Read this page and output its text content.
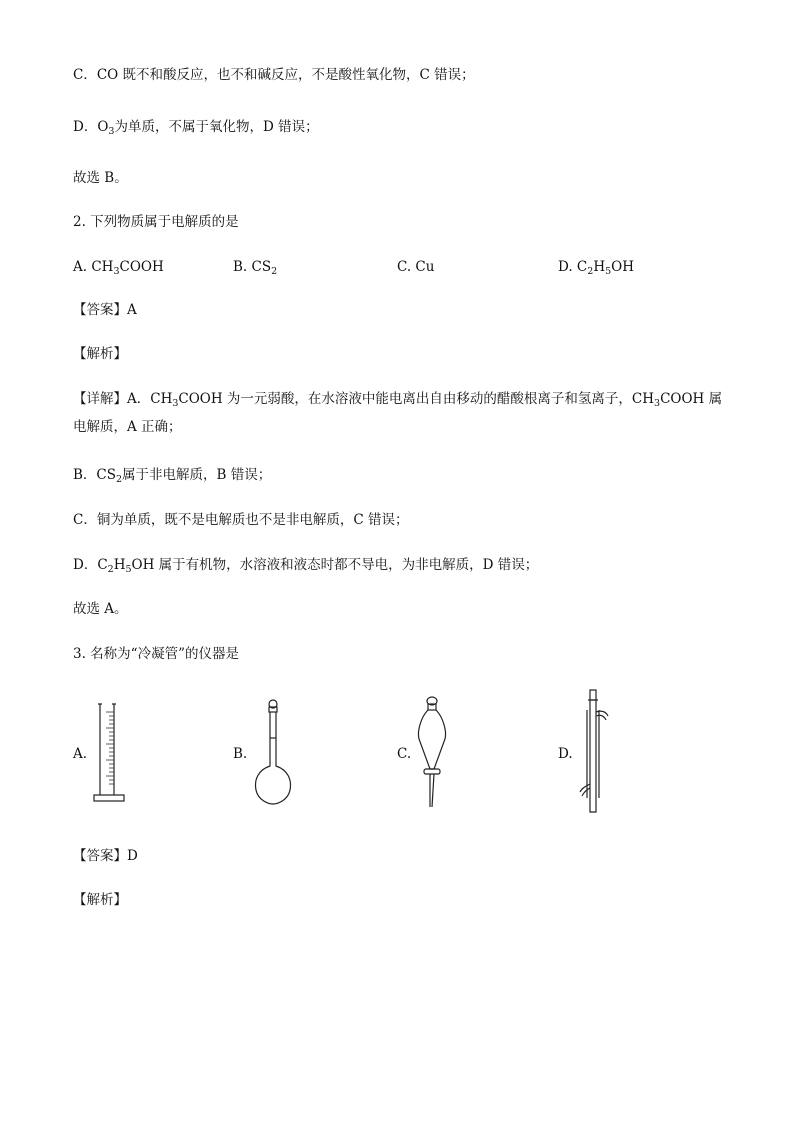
C．CO 既不和酸反应，也不和碱反应，不是酸性氧化物，C 错误；
D．$O_3$为单质，不属于氧化物，D 错误；
故选 B。
2. 下列物质属于电解质的是
A. $CH_3COOH$	B. $CS_2$	C. Cu	D. $C_2H_5OH$
【答案】A
【解析】
【详解】A．$CH_3COOH$ 为一元弱酸，在水溶液中能电离出自由移动的醋酸根离子和氢离子，$CH_3COOH$ 属电解质，A 正确；
B．$CS_2$属于非电解质，B 错误；
C．铜为单质，既不是电解质也不是非电解质，C 错误；
D．$C_2H_5OH$ 属于有机物，水溶液和液态时都不导电，为非电解质，D 错误；
故选 A。
3. 名称为“冷凝管”的仪器是
A.	B.	C.	D.
【答案】D
【解析】
